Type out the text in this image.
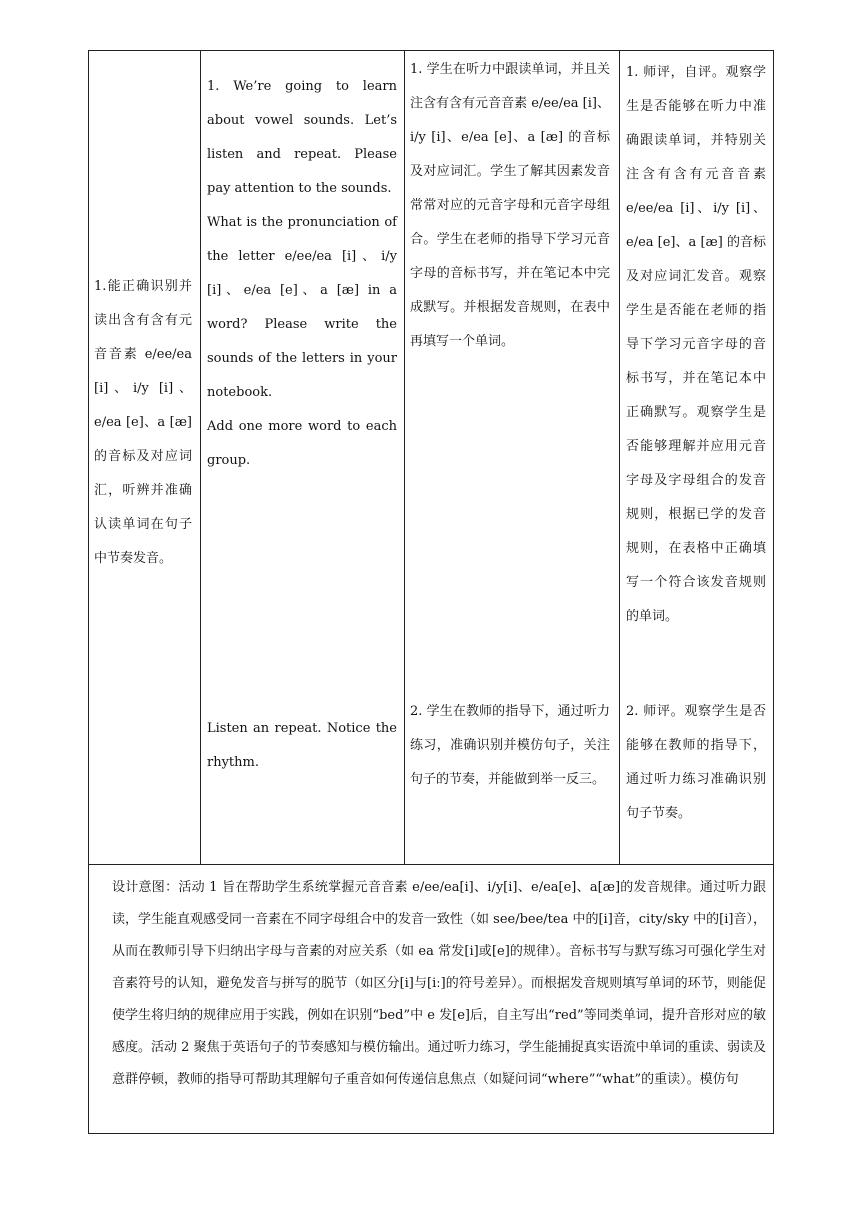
1.能正确识别并读出含有含有元音音素 e/ee/ea [i]、i/y [i]、e/ea [e]、a [æ] 的音标及对应词汇，听辨并准确认读单词在句子中节奏发音。

1. We’re going to learn about vowel sounds. Let’s listen and repeat. Please pay attention to the sounds.

What is the pronunciation of the letter e/ee/ea [i]、i/y [i]、e/ea [e]、a [æ] in a word? Please write the sounds of the letters in your notebook.

Add one more word to each group.

1. 学生在听力中跟读单词，并且关注含有含有元音音素 e/ee/ea [i]、i/y [i]、e/ea [e]、a [æ] 的音标及对应词汇。学生了解其因素发音常常对应的元音字母和元音字母组合。学生在老师的指导下学习元音字母的音标书写，并在笔记本中完成默写。并根据发音规则，在表中再填写一个单词。

1. 师评，自评。观察学生是否能够在听力中准确跟读单词，并特别关注含有含有元音音素 e/ee/ea [i]、i/y [i]、e/ea [e]、a [æ] 的音标及对应词汇发音。观察学生是否能在老师的指导下学习元音字母的音标书写，并在笔记本中正确默写。观察学生是否能够理解并应用元音字母及字母组合的发音规则，根据已学的发音规则，在表格中正确填写一个符合该发音规则的单词。

Listen an repeat. Notice the rhythm.

2. 学生在教师的指导下，通过听力练习，准确识别并模仿句子，关注句子的节奏，并能做到举一反三。

2. 师评。观察学生是否能够在教师的指导下，通过听力练习准确识别句子节奏。

设计意图：活动 1 旨在帮助学生系统掌握元音音素 e/ee/ea[i]、i/y[i]、e/ea[e]、a[æ]的发音规律。通过听力跟读，学生能直观感受同一音素在不同字母组合中的发音一致性（如 see/bee/tea 中的[i]音，city/sky 中的[i]音），从而在教师引导下归纳出字母与音素的对应关系（如 ea 常发[i]或[e]的规律）。音标书写与默写练习可强化学生对音素符号的认知，避免发音与拼写的脱节（如区分[i]与[iː]的符号差异）。而根据发音规则填写单词的环节，则能促使学生将归纳的规律应用于实践，例如在识别“bed”中 e 发[e]后，自主写出“red”等同类单词，提升音形对应的敏感度。活动 2 聚焦于英语句子的节奏感知与模仿输出。通过听力练习，学生能捕捉真实语流中单词的重读、弱读及意群停顿，教师的指导可帮助其理解句子重音如何传递信息焦点（如疑问词“where”“what”的重读）。模仿句
